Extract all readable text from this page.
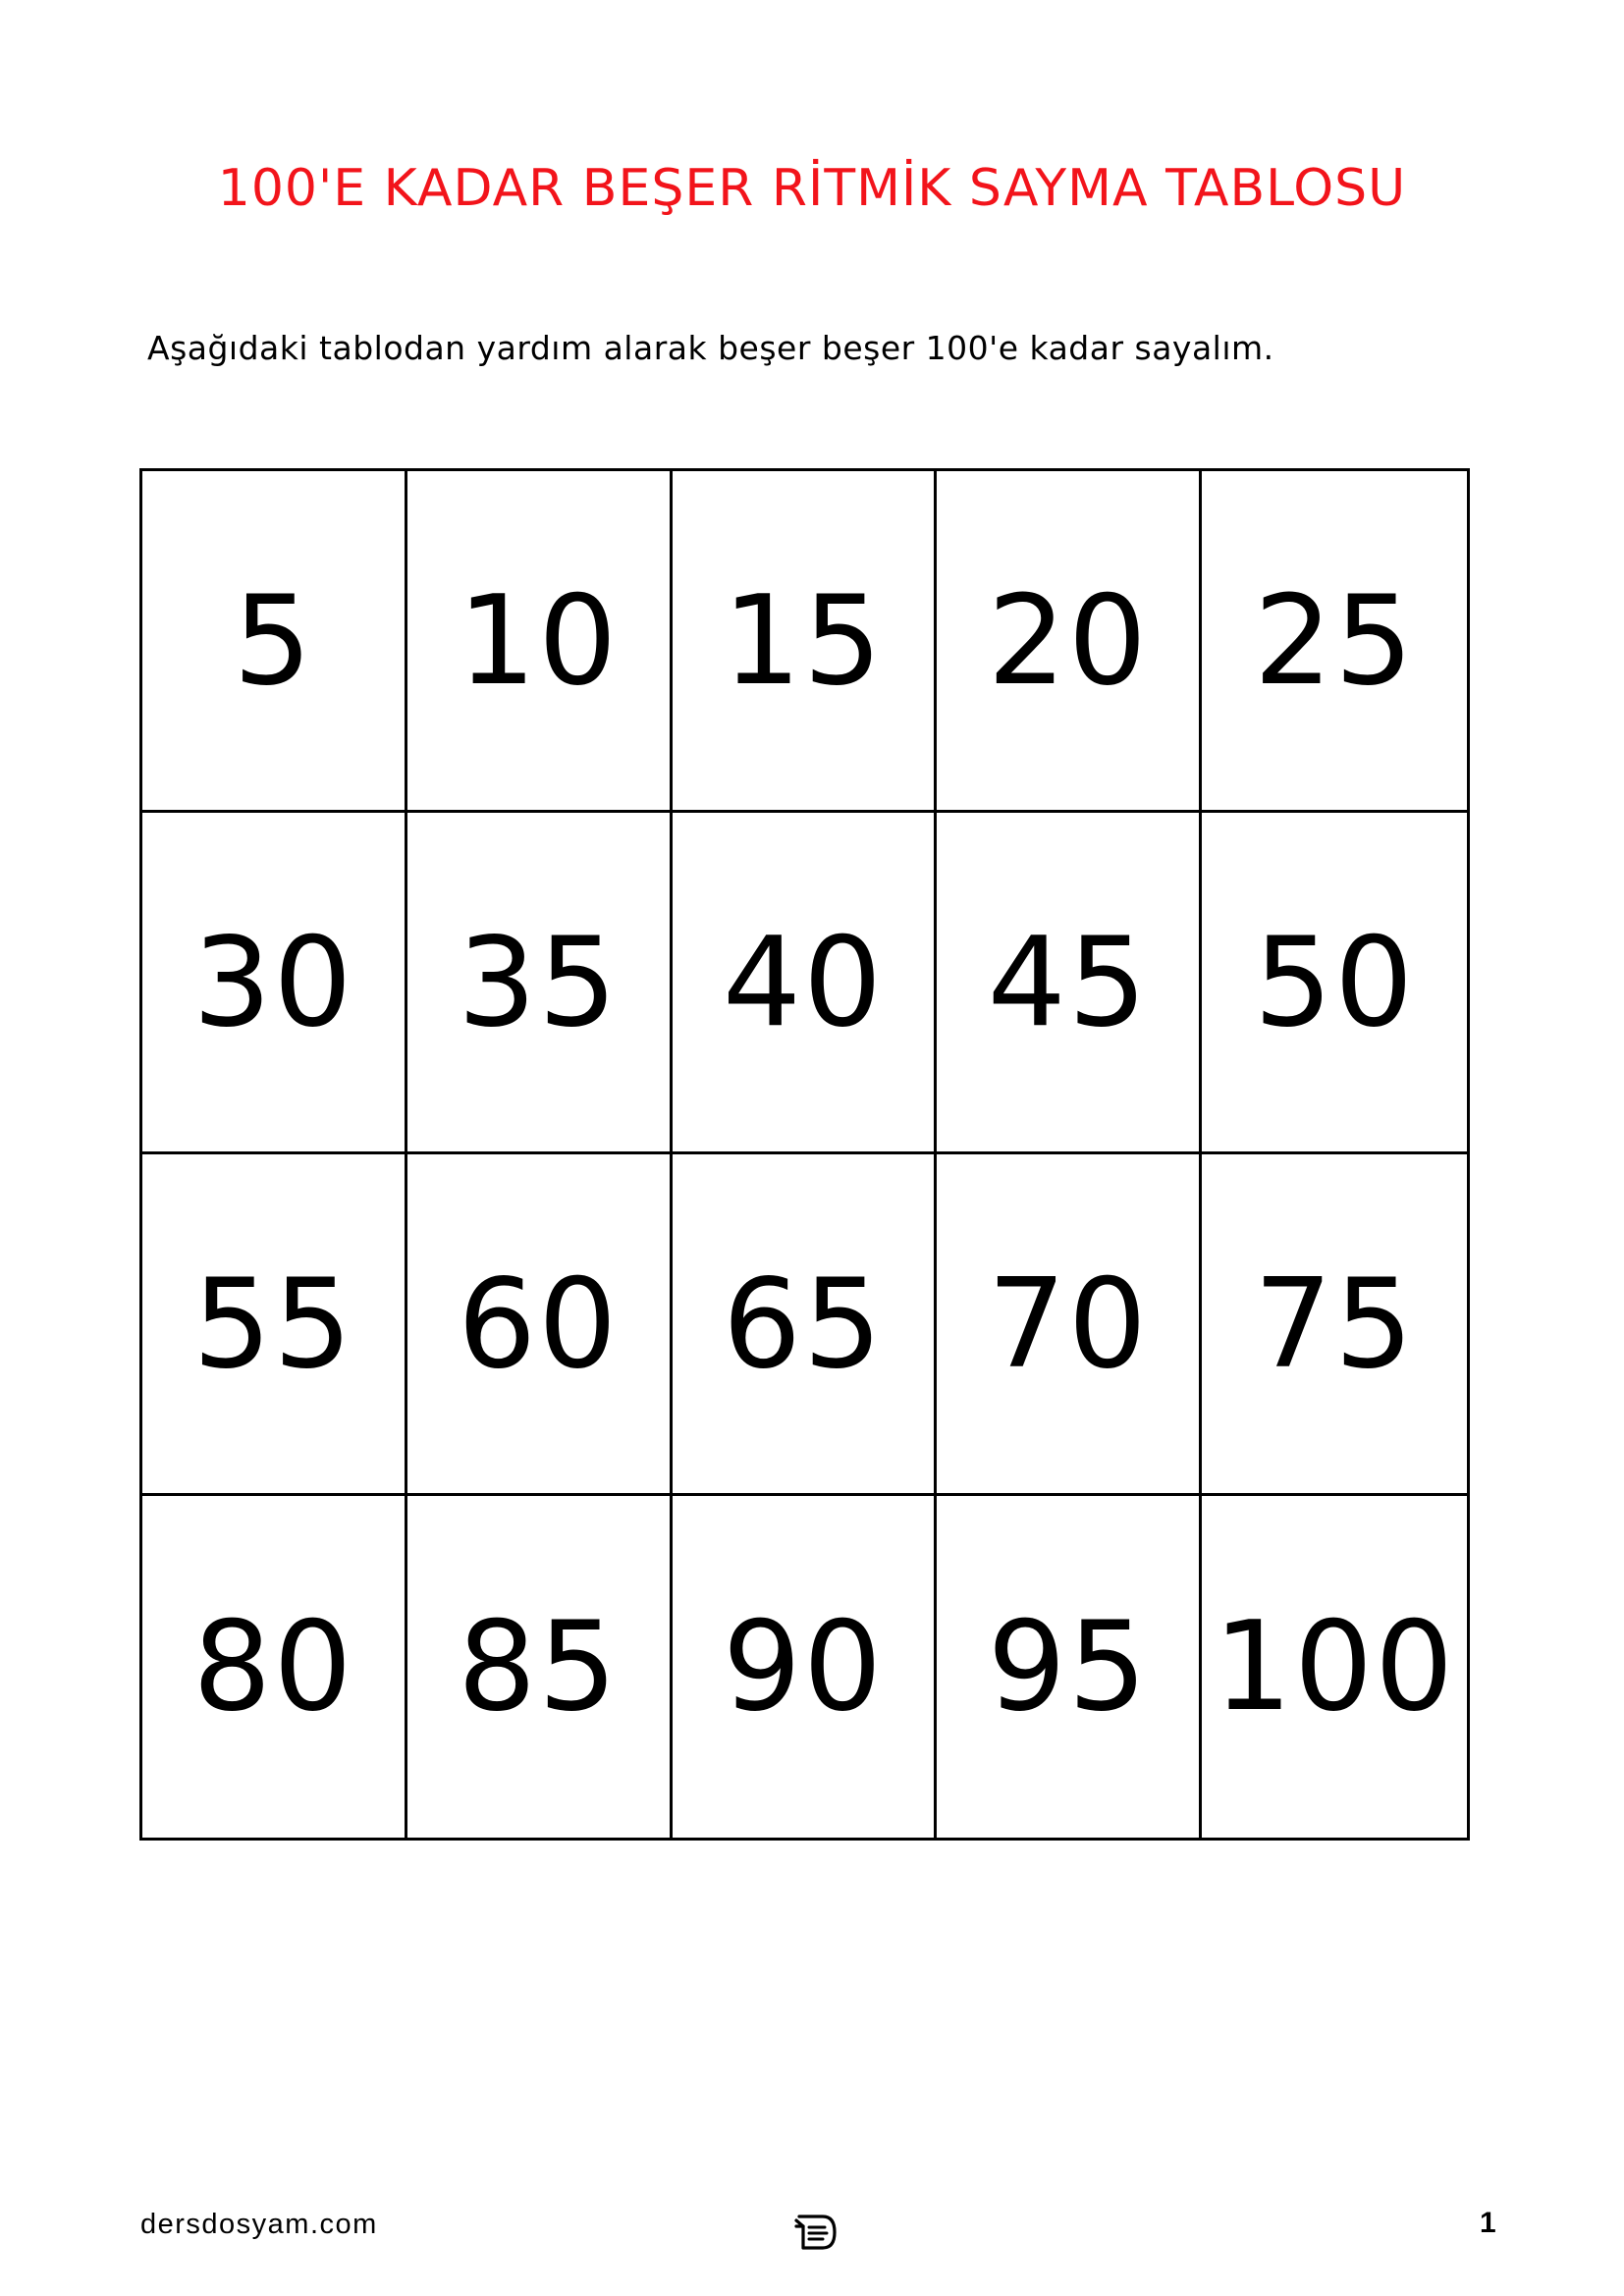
100'E KADAR BEŞER RİTMİK SAYMA TABLOSU
Aşağıdaki tablodan yardım alarak beşer beşer 100'e kadar sayalım.
5 10 15 20 25
30 35 40 45 50
55 60 65 70 75
80 85 90 95 100
dersdosyam.com	1
